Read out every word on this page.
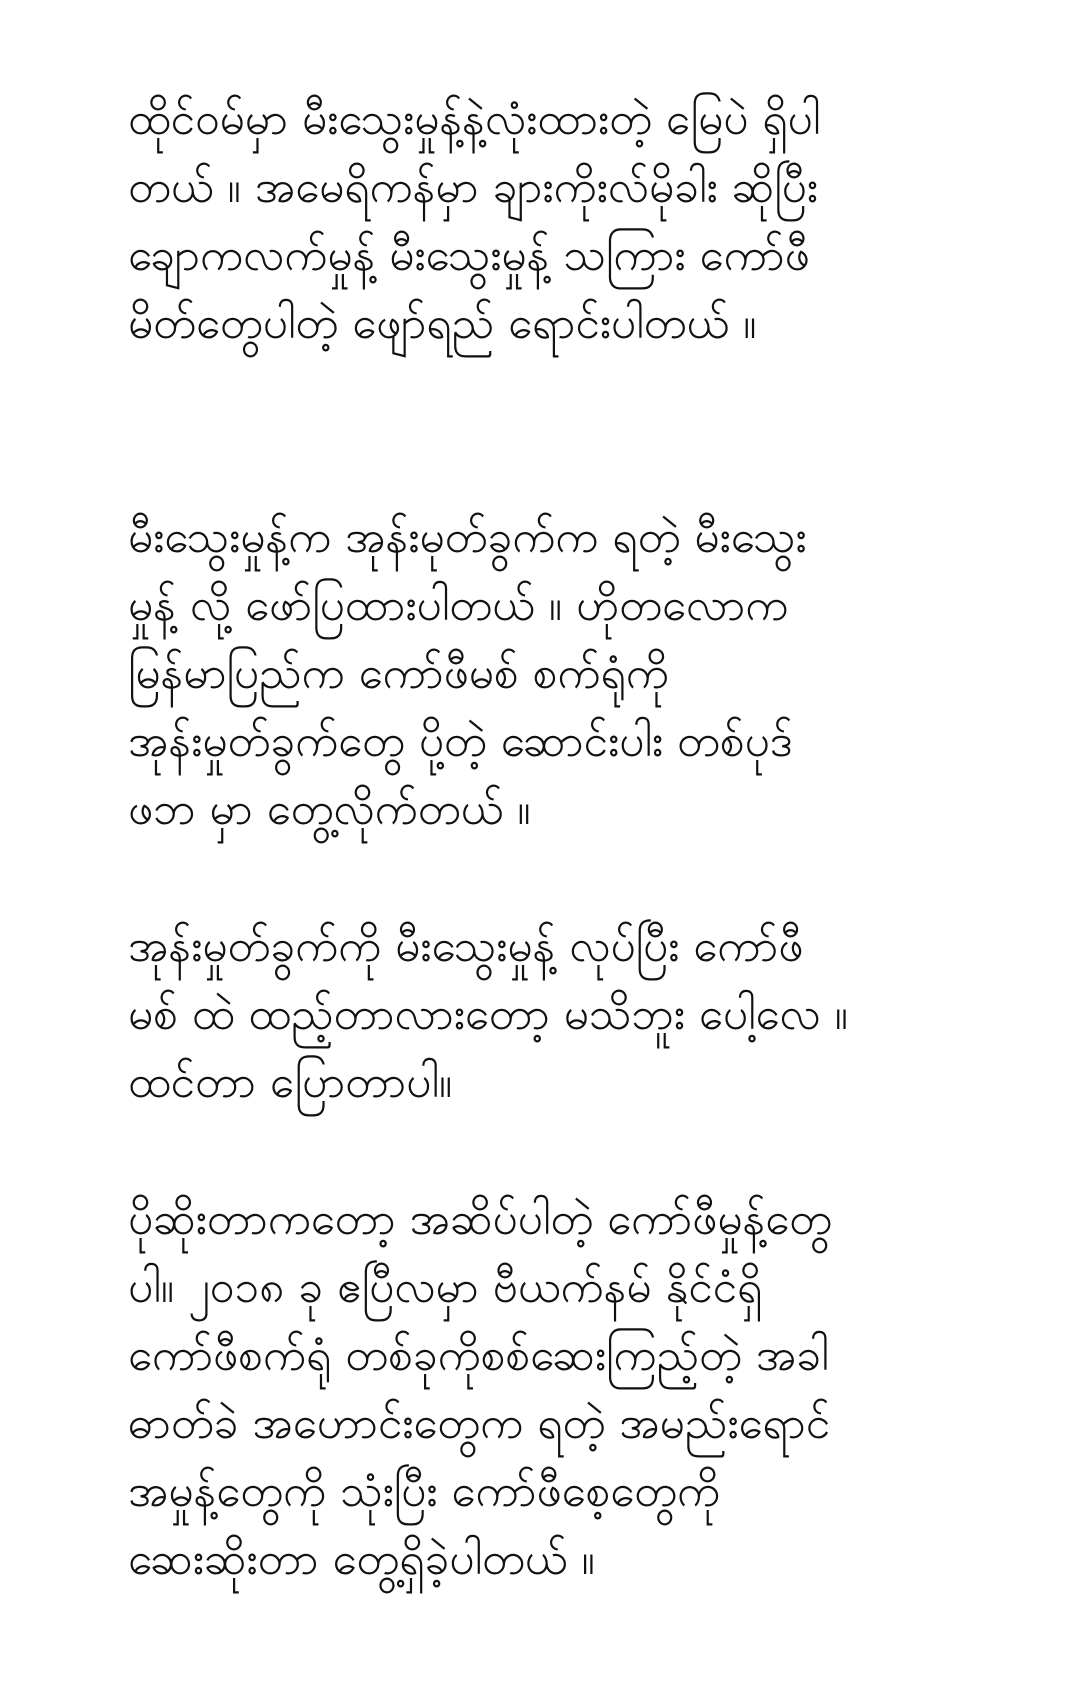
ထိုင်ဝမ်မှာ မီးသွေးမှုန့်နဲ့လုံးထားတဲ့ မြေပဲ ရှိပါ
တယ် ။ အမေရိကန်မှာ ချားကိုးလ်မိုခါး ဆိုပြီး
ချောကလက်မှုန့် မီးသွေးမှုန့် သကြား ကော်ဖီ
မိတ်တွေပါတဲ့ ဖျော်ရည် ရောင်းပါတယ် ။
မီးသွေးမှုန့်က အုန်းမုတ်ခွက်က ရတဲ့ မီးသွေး
မှုန့် လို့ ဖော်ပြထားပါတယ် ။ ဟိုတလောက
မြန်မာပြည်က ကော်ဖီမစ် စက်ရုံကို
အုန်းမှုတ်ခွက်တွေ ပို့တဲ့ ဆောင်းပါး တစ်ပုဒ်
ဖဘ မှာ တွေ့လိုက်တယ် ။
အုန်းမှုတ်ခွက်ကို မီးသွေးမှုန့် လုပ်ပြီး ကော်ဖီ
မစ် ထဲ ထည့်တာလားတော့ မသိဘူး ပေါ့လေ ။
ထင်တာ ပြောတာပါ။
ပိုဆိုးတာကတော့ အဆိပ်ပါတဲ့ ကော်ဖီမှုန့်တွေ
ပါ။ ၂၀၁၈ ခု ဧပြီလမှာ ဗီယက်နမ် နိုင်ငံရှိ
ကော်ဖီစက်ရုံ တစ်ခုကိုစစ်ဆေးကြည့်တဲ့ အခါ
ဓာတ်ခဲ အဟောင်းတွေက ရတဲ့ အမည်းရောင်
အမှုန့်တွေကို သုံးပြီး ကော်ဖီစေ့တွေကို
ဆေးဆိုးတာ တွေ့ရှိခဲ့ပါတယ် ။
